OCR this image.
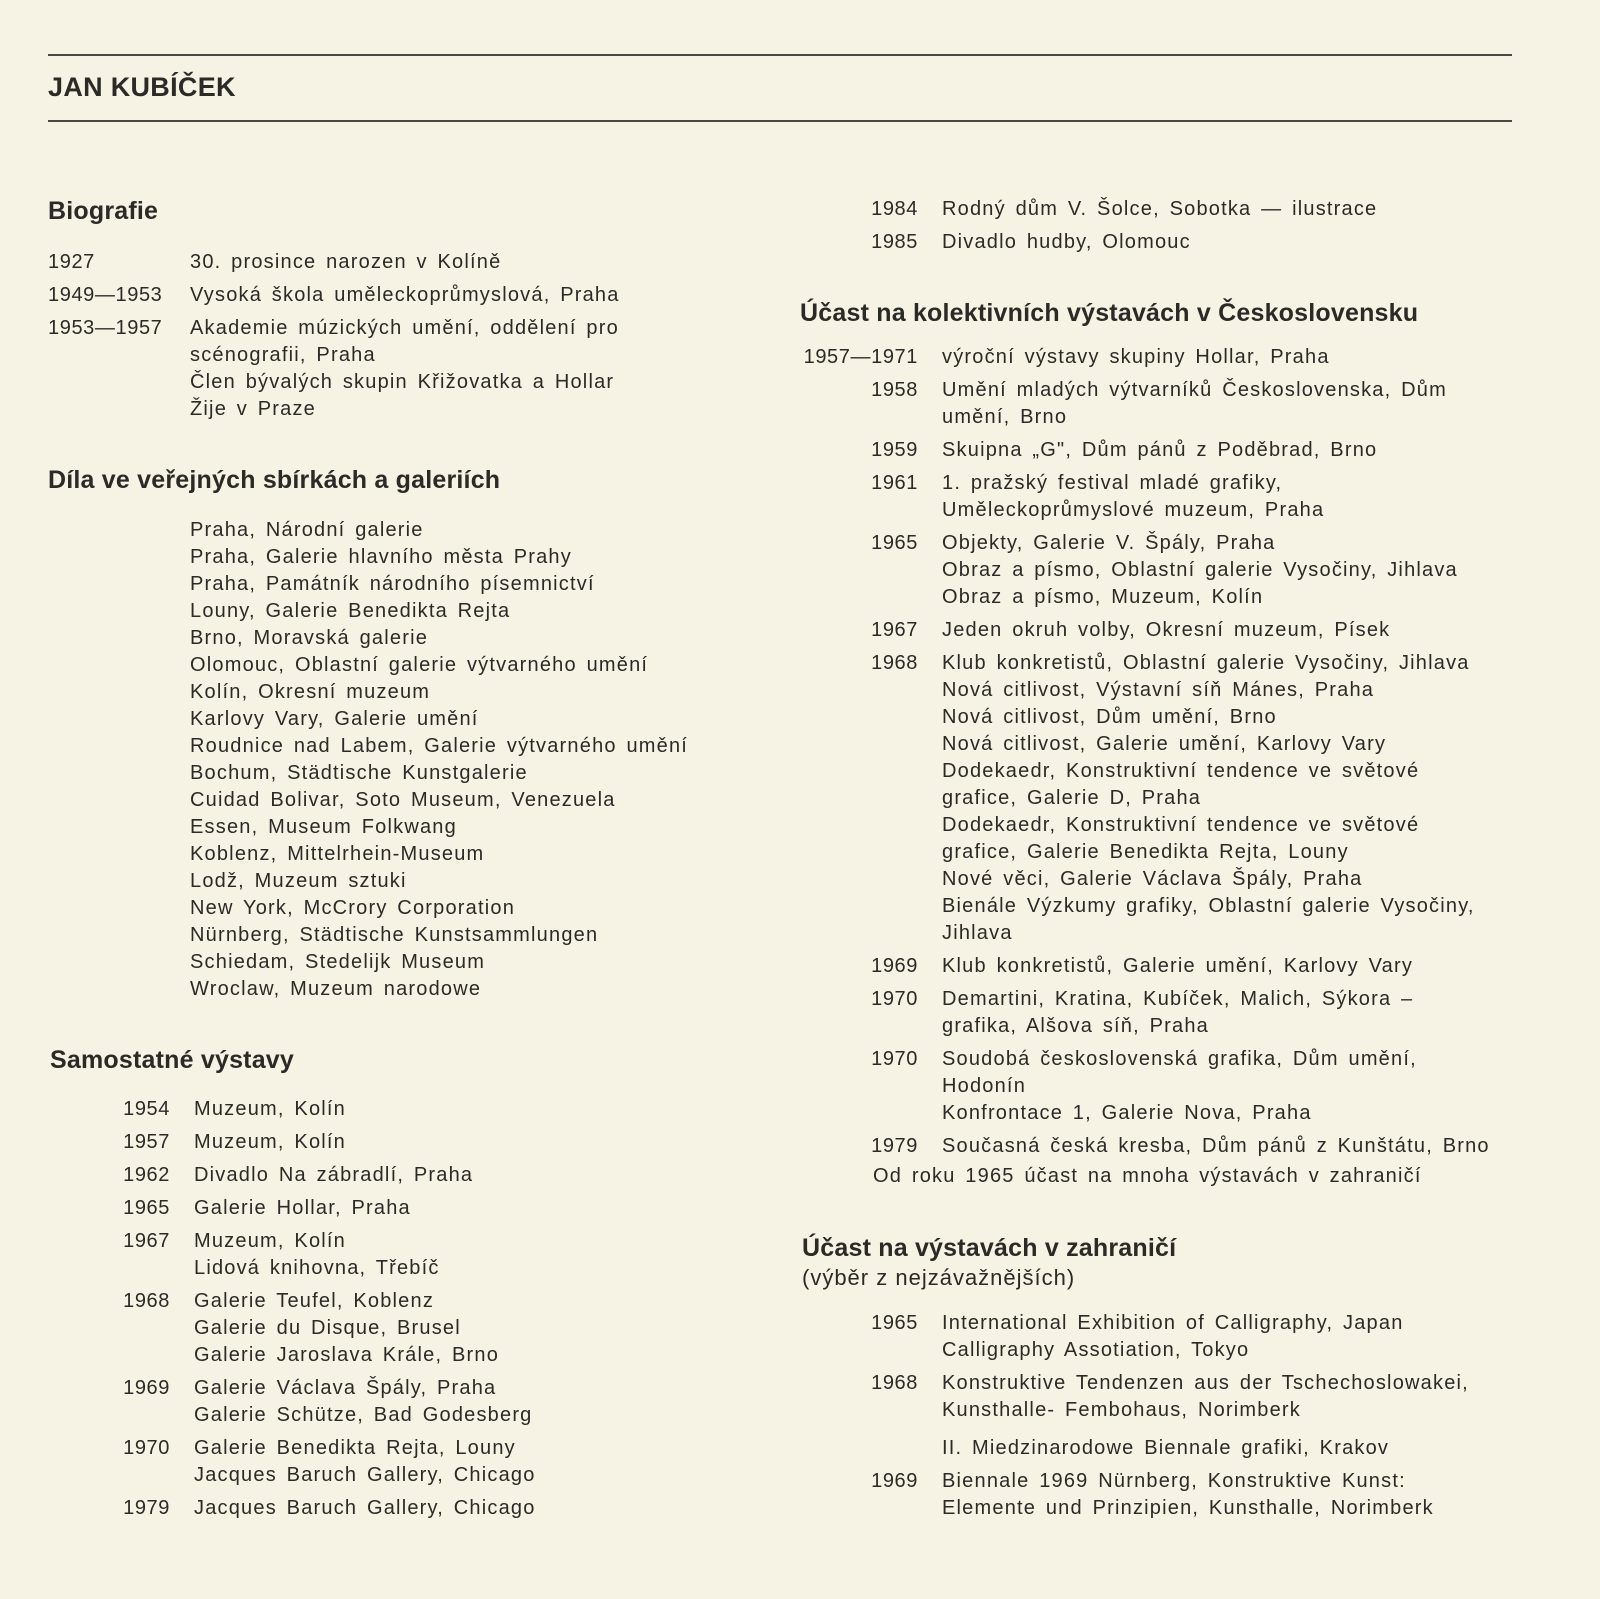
JAN KUBÍČEK
Biografie
1927	30. prosince narozen v Kolíně
1949—1953	Vysoká škola uměleckoprůmyslová, Praha
1953—1957	Akademie múzických umění, oddělení pro
scénografii, Praha
Člen bývalých skupin Křižovatka a Hollar
Žije v Praze
Díla ve veřejných sbírkách a galeriích
Praha, Národní galerie
Praha, Galerie hlavního města Prahy
Praha, Památník národního písemnictví
Louny, Galerie Benedikta Rejta
Brno, Moravská galerie
Olomouc, Oblastní galerie výtvarného umění
Kolín, Okresní muzeum
Karlovy Vary, Galerie umění
Roudnice nad Labem, Galerie výtvarného umění
Bochum, Städtische Kunstgalerie
Cuidad Bolivar, Soto Museum, Venezuela
Essen, Museum Folkwang
Koblenz, Mittelrhein-Museum
Lodž, Muzeum sztuki
New York, McCrory Corporation
Nürnberg, Städtische Kunstsammlungen
Schiedam, Stedelijk Museum
Wroclaw, Muzeum narodowe
Samostatné výstavy
1954 Muzeum, Kolín
1957 Muzeum, Kolín
1962 Divadlo Na zábradlí, Praha
1965 Galerie Hollar, Praha
1967 Muzeum, Kolín
Lidová knihovna, Třebíč
1968 Galerie Teufel, Koblenz
Galerie du Disque, Brusel
Galerie Jaroslava Krále, Brno
1969 Galerie Václava Špály, Praha
Galerie Schütze, Bad Godesberg
1970 Galerie Benedikta Rejta, Louny
Jacques Baruch Gallery, Chicago
1979 Jacques Baruch Gallery, Chicago
1984 Rodný dům V. Šolce, Sobotka — ilustrace
1985 Divadlo hudby, Olomouc
Účast na kolektivních výstavách v Československu
1957—1971 výroční výstavy skupiny Hollar, Praha
1958 Umění mladých výtvarníků Československa, Dům
umění, Brno
1959 Skuipna „G", Dům pánů z Poděbrad, Brno
1961 1. pražský festival mladé grafiky,
Uměleckoprůmyslové muzeum, Praha
1965 Objekty, Galerie V. Špály, Praha
Obraz a písmo, Oblastní galerie Vysočiny, Jihlava
Obraz a písmo, Muzeum, Kolín
1967 Jeden okruh volby, Okresní muzeum, Písek
1968 Klub konkretistů, Oblastní galerie Vysočiny, Jihlava
Nová citlivost, Výstavní síň Mánes, Praha
Nová citlivost, Dům umění, Brno
Nová citlivost, Galerie umění, Karlovy Vary
Dodekaedr, Konstruktivní tendence ve světové
grafice, Galerie D, Praha
Dodekaedr, Konstruktivní tendence ve světové
grafice, Galerie Benedikta Rejta, Louny
Nové věci, Galerie Václava Špály, Praha
Bienále Výzkumy grafiky, Oblastní galerie Vysočiny,
Jihlava
1969 Klub konkretistů, Galerie umění, Karlovy Vary
1970 Demartini, Kratina, Kubíček, Malich, Sýkora –
grafika, Alšova síň, Praha
1970 Soudobá československá grafika, Dům umění,
Hodonín
Konfrontace 1, Galerie Nova, Praha
1979 Současná česká kresba, Dům pánů z Kunštátu, Brno
Od roku 1965 účast na mnoha výstavách v zahraničí
Účast na výstavách v zahraničí
(výběr z nejzávažnějších)
1965 International Exhibition of Calligraphy, Japan
Calligraphy Assotiation, Tokyo
1968 Konstruktive Tendenzen aus der Tschechoslowakei,
Kunsthalle- Fembohaus, Norimberk
II. Miedzinarodowe Biennale grafiki, Krakov
1969 Biennale 1969 Nürnberg, Konstruktive Kunst:
Elemente und Prinzipien, Kunsthalle, Norimberk
